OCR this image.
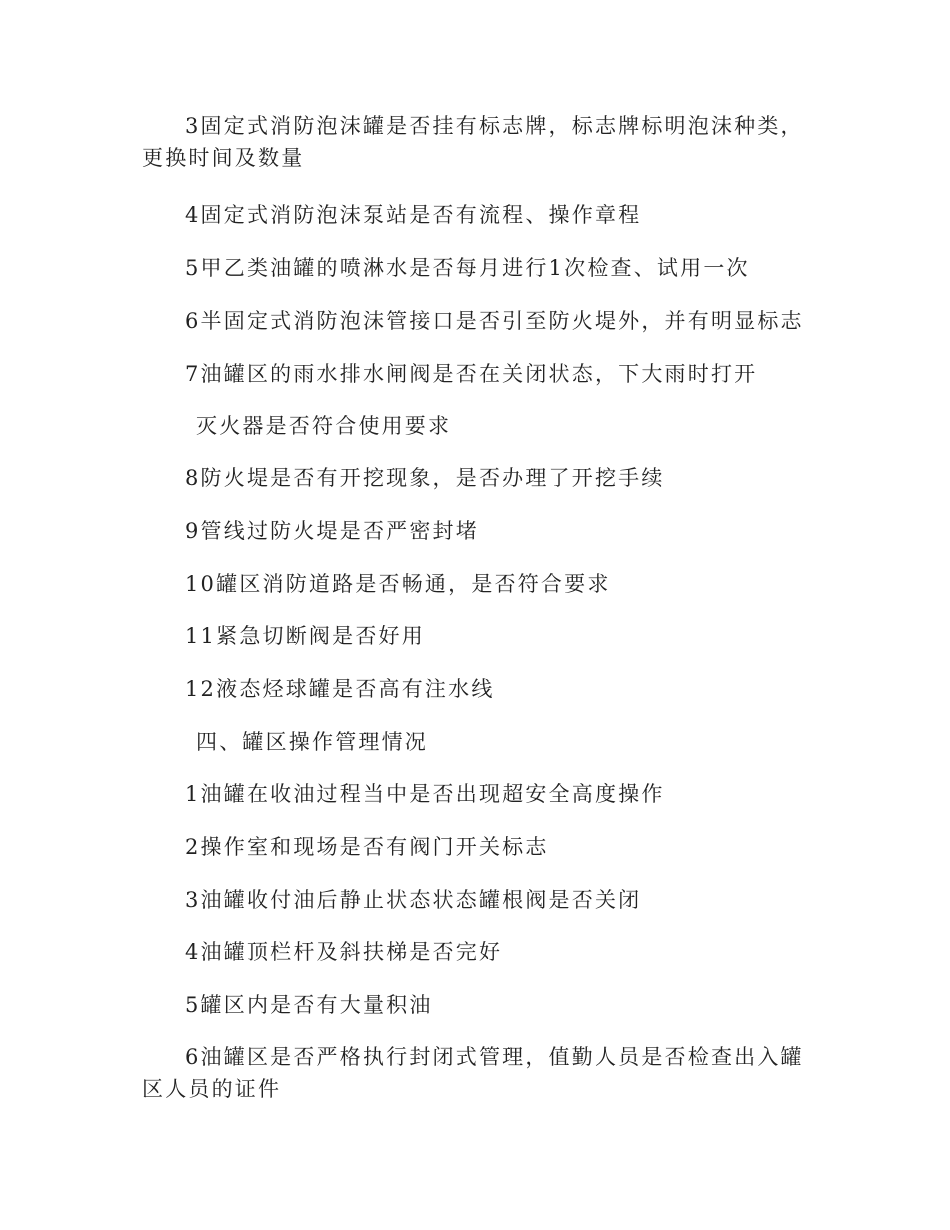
3固定式消防泡沫罐是否挂有标志牌，标志牌标明泡沫种类，更换时间及数量
4固定式消防泡沫泵站是否有流程、操作章程
5甲乙类油罐的喷淋水是否每月进行1次检查、试用一次
6半固定式消防泡沫管接口是否引至防火堤外，并有明显标志
7油罐区的雨水排水闸阀是否在关闭状态，下大雨时打开
灭火器是否符合使用要求
8防火堤是否有开挖现象，是否办理了开挖手续
9管线过防火堤是否严密封堵
10罐区消防道路是否畅通，是否符合要求
11紧急切断阀是否好用
12液态烃球罐是否高有注水线
四、罐区操作管理情况
1油罐在收油过程当中是否出现超安全高度操作
2操作室和现场是否有阀门开关标志
3油罐收付油后静止状态状态罐根阀是否关闭
4油罐顶栏杆及斜扶梯是否完好
5罐区内是否有大量积油
6油罐区是否严格执行封闭式管理，值勤人员是否检查出入罐区人员的证件
